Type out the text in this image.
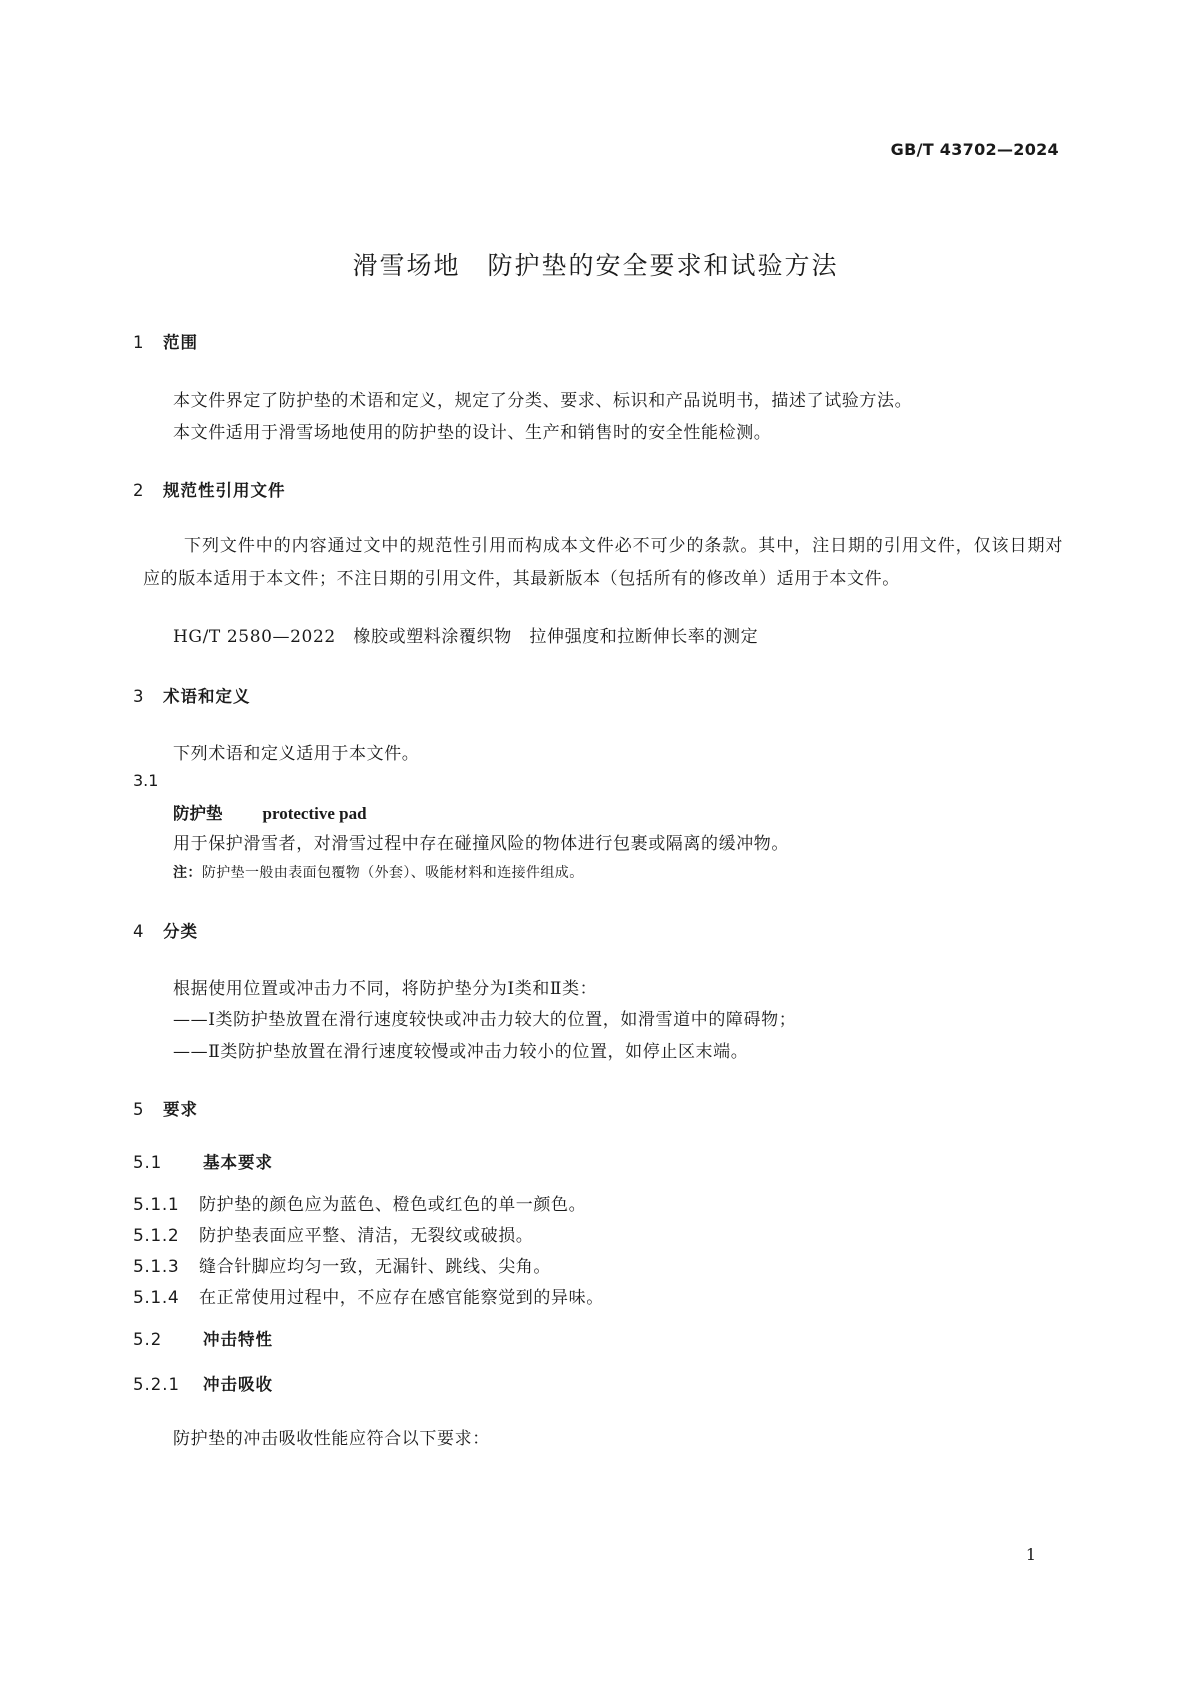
GB/T 43702—2024
滑雪场地　防护垫的安全要求和试验方法
1 范围
本文件界定了防护垫的术语和定义，规定了分类、要求、标识和产品说明书，描述了试验方法。
本文件适用于滑雪场地使用的防护垫的设计、生产和销售时的安全性能检测。
2 规范性引用文件
下列文件中的内容通过文中的规范性引用而构成本文件必不可少的条款。其中，注日期的引用文件，仅该日期对应的版本适用于本文件；不注日期的引用文件，其最新版本（包括所有的修改单）适用于本文件。
HG/T 2580—2022　橡胶或塑料涂覆织物　拉伸强度和拉断伸长率的测定
3 术语和定义
下列术语和定义适用于本文件。
3.1
防护垫 protective pad
用于保护滑雪者，对滑雪过程中存在碰撞风险的物体进行包裹或隔离的缓冲物。
注：防护垫一般由表面包覆物（外套）、吸能材料和连接件组成。
4 分类
根据使用位置或冲击力不同，将防护垫分为Ⅰ类和Ⅱ类：
——Ⅰ类防护垫放置在滑行速度较快或冲击力较大的位置，如滑雪道中的障碍物；
——Ⅱ类防护垫放置在滑行速度较慢或冲击力较小的位置，如停止区末端。
5 要求
5.1 基本要求
5.1.1 防护垫的颜色应为蓝色、橙色或红色的单一颜色。
5.1.2 防护垫表面应平整、清洁，无裂纹或破损。
5.1.3 缝合针脚应均匀一致，无漏针、跳线、尖角。
5.1.4 在正常使用过程中，不应存在感官能察觉到的异味。
5.2 冲击特性
5.2.1 冲击吸收
防护垫的冲击吸收性能应符合以下要求：
1
